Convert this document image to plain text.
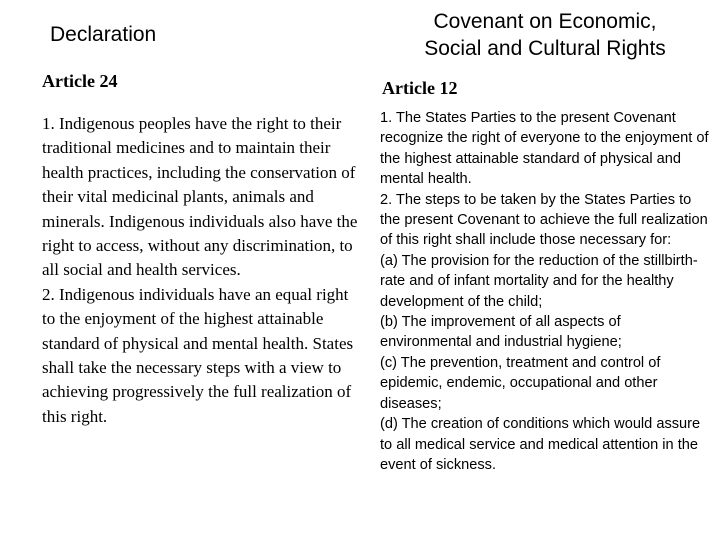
Declaration
Article 24
1. Indigenous peoples have the right to their traditional medicines and to maintain their health practices, including the conservation of their vital medicinal plants, animals and minerals. Indigenous individuals also have the right to access, without any discrimination, to all social and health services.
2. Indigenous individuals have an equal right to the enjoyment of the highest attainable standard of physical and mental health. States shall take the necessary steps with a view to achieving progressively the full realization of this right.
Covenant on Economic,
Social and Cultural Rights
Article 12
1. The States Parties to the present Covenant recognize the right of everyone to the enjoyment of the highest attainable standard of physical and mental health.
2. The steps to be taken by the States Parties to the present Covenant to achieve the full realization of this right shall include those necessary for:
(a) The provision for the reduction of the stillbirth-rate and of infant mortality and for the healthy development of the child;
(b) The improvement of all aspects of environmental and industrial hygiene;
(c) The prevention, treatment and control of epidemic, endemic, occupational and other diseases;
(d) The creation of conditions which would assure to all medical service and medical attention in the event of sickness.
